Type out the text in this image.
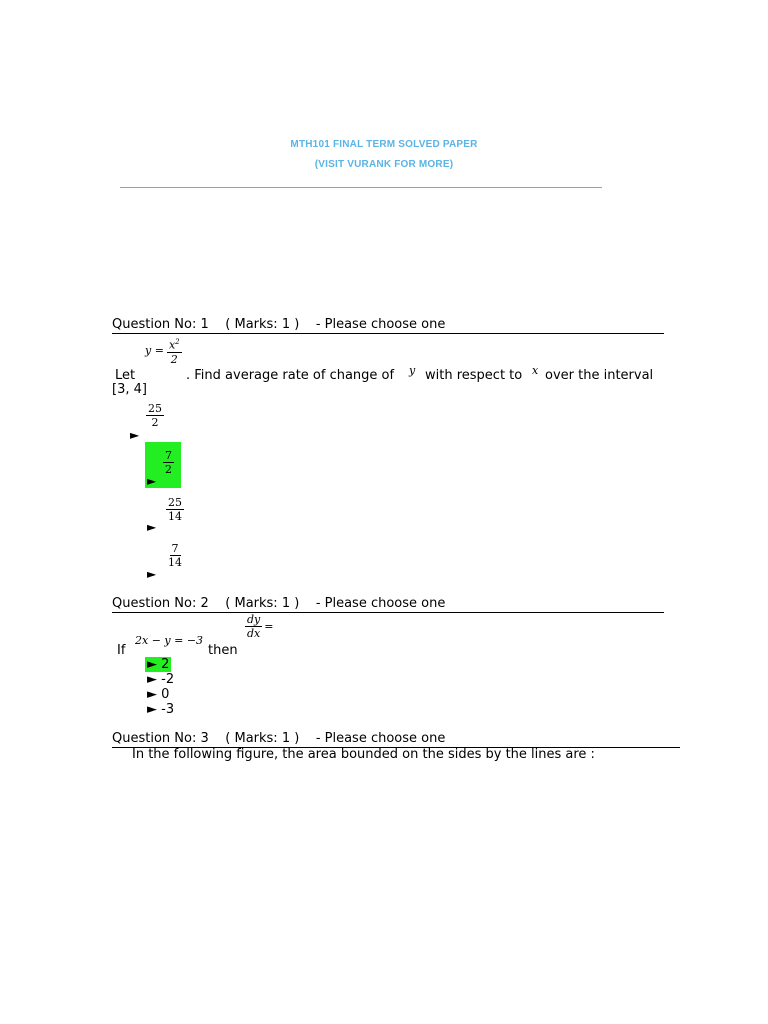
MTH101 FINAL TERM SOLVED PAPER
(VISIT VURANK FOR MORE)
Question No: 1    ( Marks: 1 )    - Please choose one
$y = \frac{x^2}{2}$
Let	. Find average rate of change of y with respect to x over the interval
[3, 4]
$\frac{25}{2}$
►
$\frac{7}{2}$
►
$\frac{25}{14}$
►
$\frac{7}{14}$
►
Question No: 2    ( Marks: 1 )    - Please choose one
If
2x − y = −3
then
$\frac{dy}{dx}$ =
► 2
► -2
► 0
► -3
Question No: 3    ( Marks: 1 )    - Please choose one
In the following figure, the area bounded on the sides by the lines are :
